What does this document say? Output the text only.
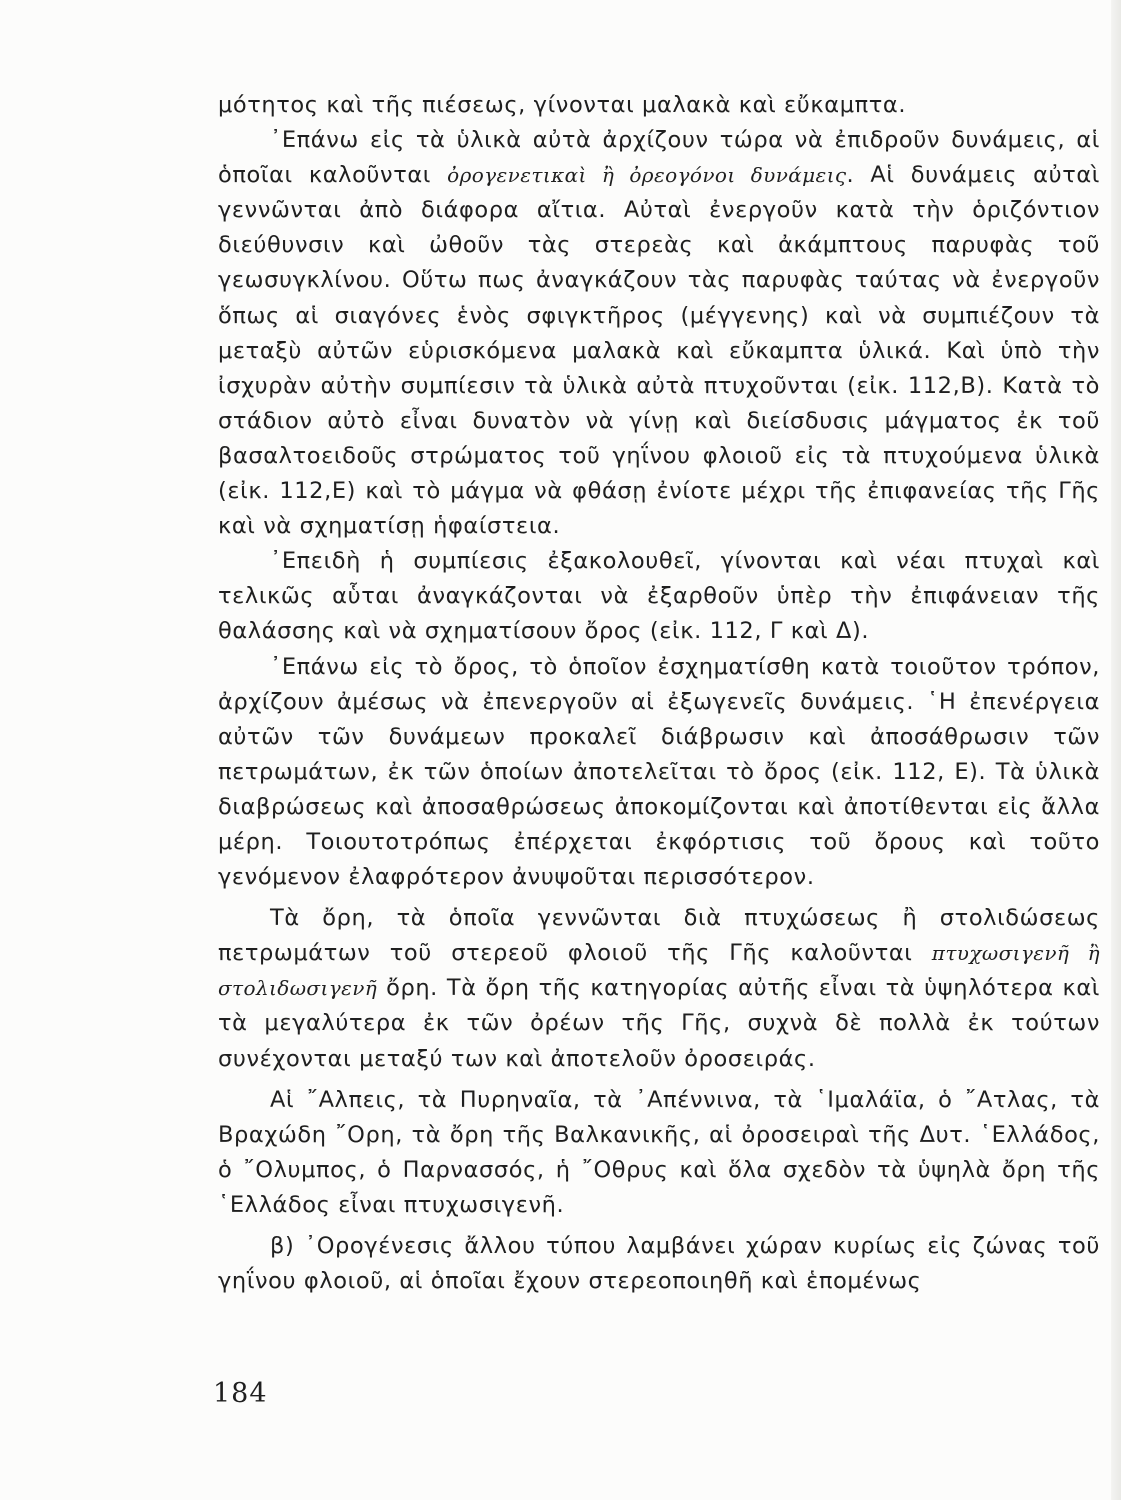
μότητος καὶ τῆς πιέσεως, γίνονται μαλακὰ καὶ εὔκαμπτα.

᾿Επάνω εἰς τὰ ὑλικὰ αὐτὰ ἀρχίζουν τώρα νὰ ἐπιδροῦν δυνάμεις, αἱ ὁποῖαι καλοῦνται ὀρογενετικαὶ ἢ ὀρεογόνοι δυνάμεις. Αἱ δυνάμεις αὐταὶ γεννῶνται ἀπὸ διάφορα αἴτια. Αὐταὶ ἐνεργοῦν κατὰ τὴν ὁριζόντιον διεύθυνσιν καὶ ὠθοῦν τὰς στερεὰς καὶ ἀκάμπτους παρυφὰς τοῦ γεωσυγκλίνου. Οὕτω πως ἀναγκάζουν τὰς παρυφὰς ταύτας νὰ ἐνεργοῦν ὅπως αἱ σιαγόνες ἑνὸς σφιγκτῆρος (μέγγενης) καὶ νὰ συμπιέζουν τὰ μεταξὺ αὐτῶν εὑρισκόμενα μαλακὰ καὶ εὔκαμπτα ὑλικά. Καὶ ὑπὸ τὴν ἰσχυρὰν αὐτὴν συμπίεσιν τὰ ὑλικὰ αὐτὰ πτυχοῦνται (εἰκ. 112,Β). Κατὰ τὸ στάδιον αὐτὸ εἶναι δυνατὸν νὰ γίνῃ καὶ διείσδυσις μάγματος ἐκ τοῦ βασαλτοειδοῦς στρώματος τοῦ γηΐνου φλοιοῦ εἰς τὰ πτυχούμενα ὑλικὰ (εἰκ. 112,Ε) καὶ τὸ μάγμα νὰ φθάσῃ ἐνίοτε μέχρι τῆς ἐπιφανείας τῆς Γῆς καὶ νὰ σχηματίσῃ ἡφαίστεια.

᾿Επειδὴ ἡ συμπίεσις ἐξακολουθεῖ, γίνονται καὶ νέαι πτυχαὶ καὶ τελικῶς αὗται ἀναγκάζονται νὰ ἐξαρθοῦν ὑπὲρ τὴν ἐπιφάνειαν τῆς θαλάσσης καὶ νὰ σχηματίσουν ὄρος (εἰκ. 112, Γ καὶ Δ).

᾿Επάνω εἰς τὸ ὄρος, τὸ ὁποῖον ἐσχηματίσθη κατὰ τοιοῦτον τρόπον, ἀρχίζουν ἀμέσως νὰ ἐπενεργοῦν αἱ ἐξωγενεῖς δυνάμεις. ῾Η ἐπενέργεια αὐτῶν τῶν δυνάμεων προκαλεῖ διάβρωσιν καὶ ἀποσάθρωσιν τῶν πετρωμάτων, ἐκ τῶν ὁποίων ἀποτελεῖται τὸ ὄρος (εἰκ. 112, Ε). Τὰ ὑλικὰ διαβρώσεως καὶ ἀποσαθρώσεως ἀποκομίζονται καὶ ἀποτίθενται εἰς ἄλλα μέρη. Τοιουτοτρόπως ἐπέρχεται ἐκφόρτισις τοῦ ὄρους καὶ τοῦτο γενόμενον ἐλαφρότερον ἀνυψοῦται περισσότερον.

Τὰ ὄρη, τὰ ὁποῖα γεννῶνται διὰ πτυχώσεως ἢ στολιδώσεως πετρωμάτων τοῦ στερεοῦ φλοιοῦ τῆς Γῆς καλοῦνται πτυχωσιγενῆ ἢ στολιδωσιγενῆ ὄρη. Τὰ ὄρη τῆς κατηγορίας αὐτῆς εἶναι τὰ ὑψηλότερα καὶ τὰ μεγαλύτερα ἐκ τῶν ὀρέων τῆς Γῆς, συχνὰ δὲ πολλὰ ἐκ τούτων συνέχονται μεταξύ των καὶ ἀποτελοῦν ὀροσειράς.

Αἱ ῎Αλπεις, τὰ Πυρηναῖα, τὰ ᾿Απέννινα, τὰ ῾Ιμαλάϊα, ὁ ῎Ατλας, τὰ Βραχώδη ῎Ορη, τὰ ὄρη τῆς Βαλκανικῆς, αἱ ὀροσειραὶ τῆς Δυτ. ῾Ελλάδος, ὁ ῎Ολυμπος, ὁ Παρνασσός, ἡ ῎Οθρυς καὶ ὅλα σχεδὸν τὰ ὑψηλὰ ὄρη τῆς ῾Ελλάδος εἶναι πτυχωσιγενῆ.

β) ᾿Ορογένεσις ἄλλου τύπου λαμβάνει χώραν κυρίως εἰς ζώνας τοῦ γηΐνου φλοιοῦ, αἱ ὁποῖαι ἔχουν στερεοποιηθῆ καὶ ἑπομένως

184
